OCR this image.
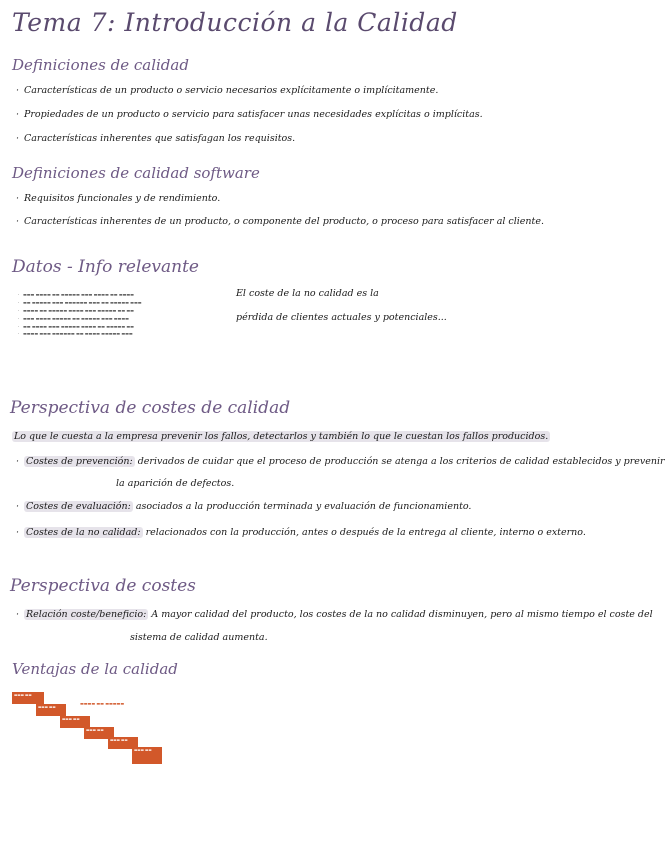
Tema 7: Introducción a la Calidad
Definiciones de calidad
· Características de un producto o servicio necesarios explícitamente o implícitamente.
· Propiedades de un producto o servicio para satisfacer unas necesidades explícitas o implícitas.
· Características inherentes que satisfagan los requisitos.
Definiciones de calidad software
· Requisitos funcionales y de rendimiento.
· Características inherentes de un producto, o componente del producto, o proceso para satisfacer al cliente.
Datos - Info relevante
· ▬▬▬ ▬▬▬▬ ▬▬ ▬▬▬▬▬ ▬▬▬ ▬▬▬▬ ▬▬ ▬▬▬▬
· ▬▬ ▬▬▬▬▬ ▬▬▬ ▬▬▬▬▬▬ ▬▬▬ ▬▬ ▬▬▬▬▬ ▬▬▬
· ▬▬▬▬ ▬▬ ▬▬▬▬▬ ▬▬▬▬ ▬▬▬ ▬▬▬▬▬ ▬▬ ▬▬
· ▬▬▬ ▬▬▬▬ ▬▬▬▬▬ ▬▬ ▬▬▬▬▬ ▬▬▬ ▬▬▬▬
· ▬▬ ▬▬▬▬ ▬▬▬ ▬▬▬▬▬ ▬▬▬▬ ▬▬ ▬▬▬▬▬ ▬▬
· ▬▬▬▬ ▬▬▬ ▬▬▬▬▬▬ ▬▬ ▬▬▬▬ ▬▬▬▬▬ ▬▬▬
El coste de la no calidad es la
pérdida de clientes actuales y potenciales...
Perspectiva de costes de calidad
Lo que le cuesta a la empresa prevenir los fallos, detectarlos y también lo que le cuestan los fallos producidos.
· Costes de prevención: derivados de cuidar que el proceso de producción se atenga a los criterios de calidad establecidos y prevenir
la aparición de defectos.
· Costes de evaluación: asociados a la producción terminada y evaluación de funcionamiento.
· Costes de la no calidad: relacionados con la producción, antes o después de la entrega al cliente, interno o externo.
Perspectiva de costes
· Relación coste/beneficio: A mayor calidad del producto, los costes de la no calidad disminuyen, pero al mismo tiempo el coste del
sistema de calidad aumenta.
Ventajas de la calidad
▬▬▬ ▬▬
▬▬▬ ▬▬
▬▬▬ ▬▬
▬▬▬ ▬▬
▬▬▬ ▬▬
▬▬▬ ▬▬
▬▬▬▬ ▬▬ ▬▬▬▬▬
